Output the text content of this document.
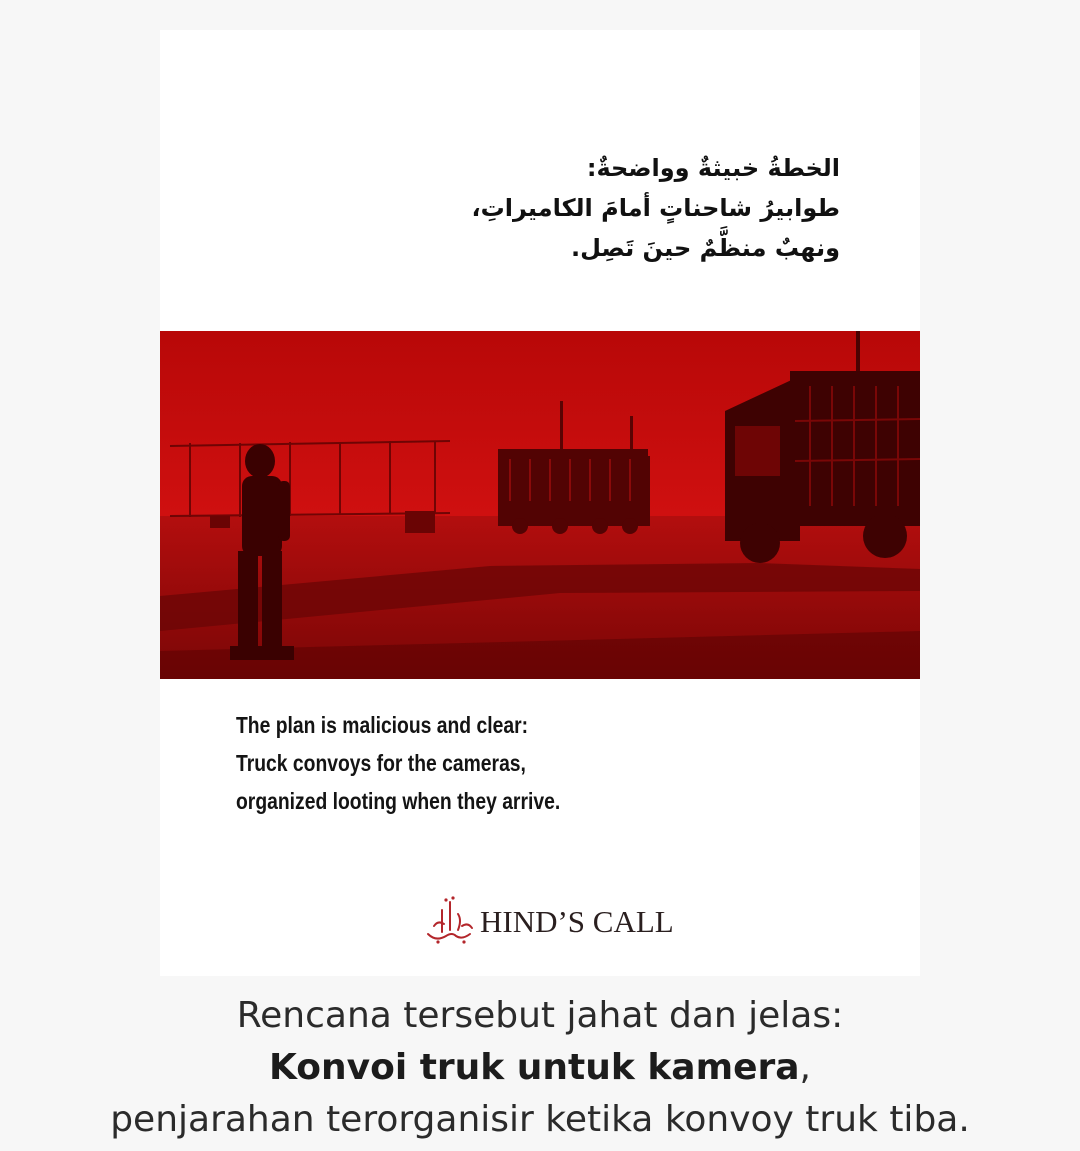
الخطةُ خبيثةٌ وواضحةٌ:
طوابيرُ شاحناتٍ أمامَ الكاميراتِ،
ونهبٌ منظَّمٌ حينَ تَصِل.
The plan is malicious and clear:
Truck convoys for the cameras,
organized looting when they arrive.
HIND’S CALL
Rencana tersebut jahat dan jelas:
Konvoi truk untuk kamera,
penjarahan terorganisir ketika konvoy truk tiba.
